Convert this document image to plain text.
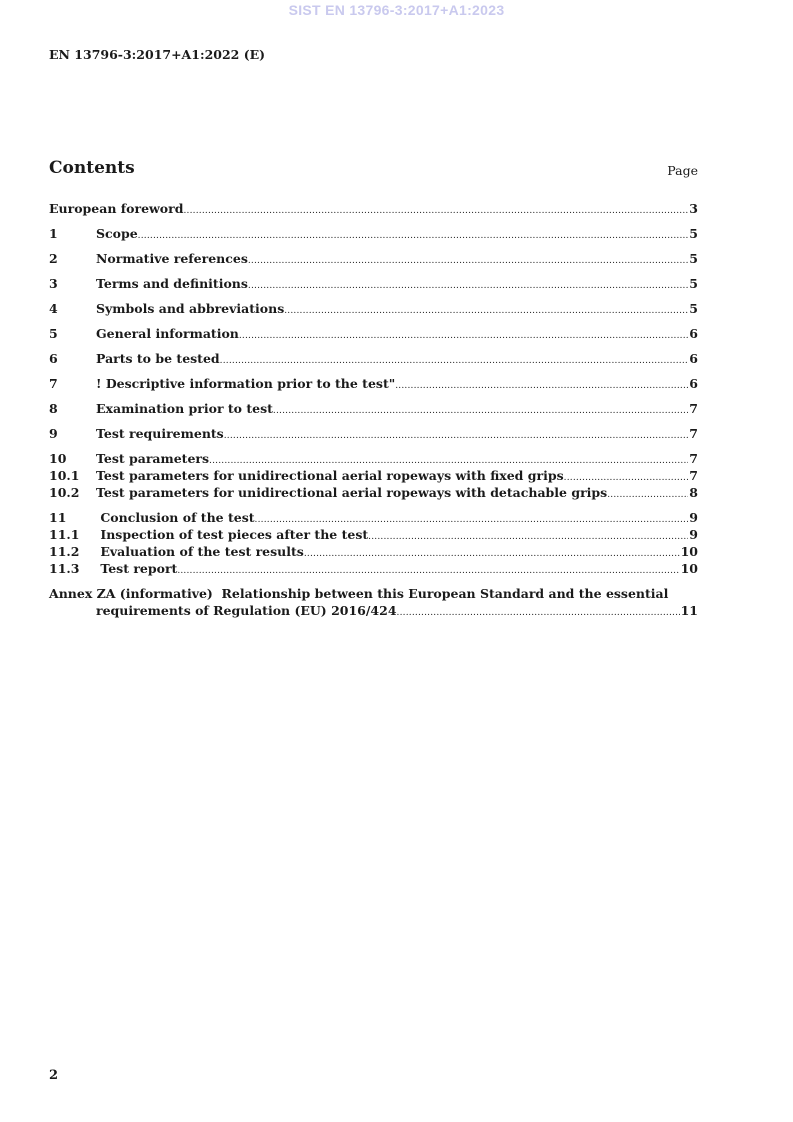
SIST EN 13796-3:2017+A1:2023
EN 13796-3:2017+A1:2022 (E)
Contents	Page
European foreword .....	3
1	Scope .....	5
2	Normative references .....	5
3	Terms and definitions .....	5
4	Symbols and abbreviations .....	5
5	General information .....	6
6	Parts to be tested .....	6
7	! Descriptive information prior to the test" .....	6
8	Examination prior to test .....	7
9	Test requirements .....	7
10	Test parameters .....	7
10.1	Test parameters for unidirectional aerial ropeways with fixed grips .....	7
10.2	Test parameters for unidirectional aerial ropeways with detachable grips .....	8
11	Conclusion of the test .....	9
11.1	Inspection of test pieces after the test .....	9
11.2	Evaluation of the test results .....	10
11.3	Test report .....	10
Annex ZA (informative)  Relationship between this European Standard and the essential
requirements of Regulation (EU) 2016/424 .....	11
2
